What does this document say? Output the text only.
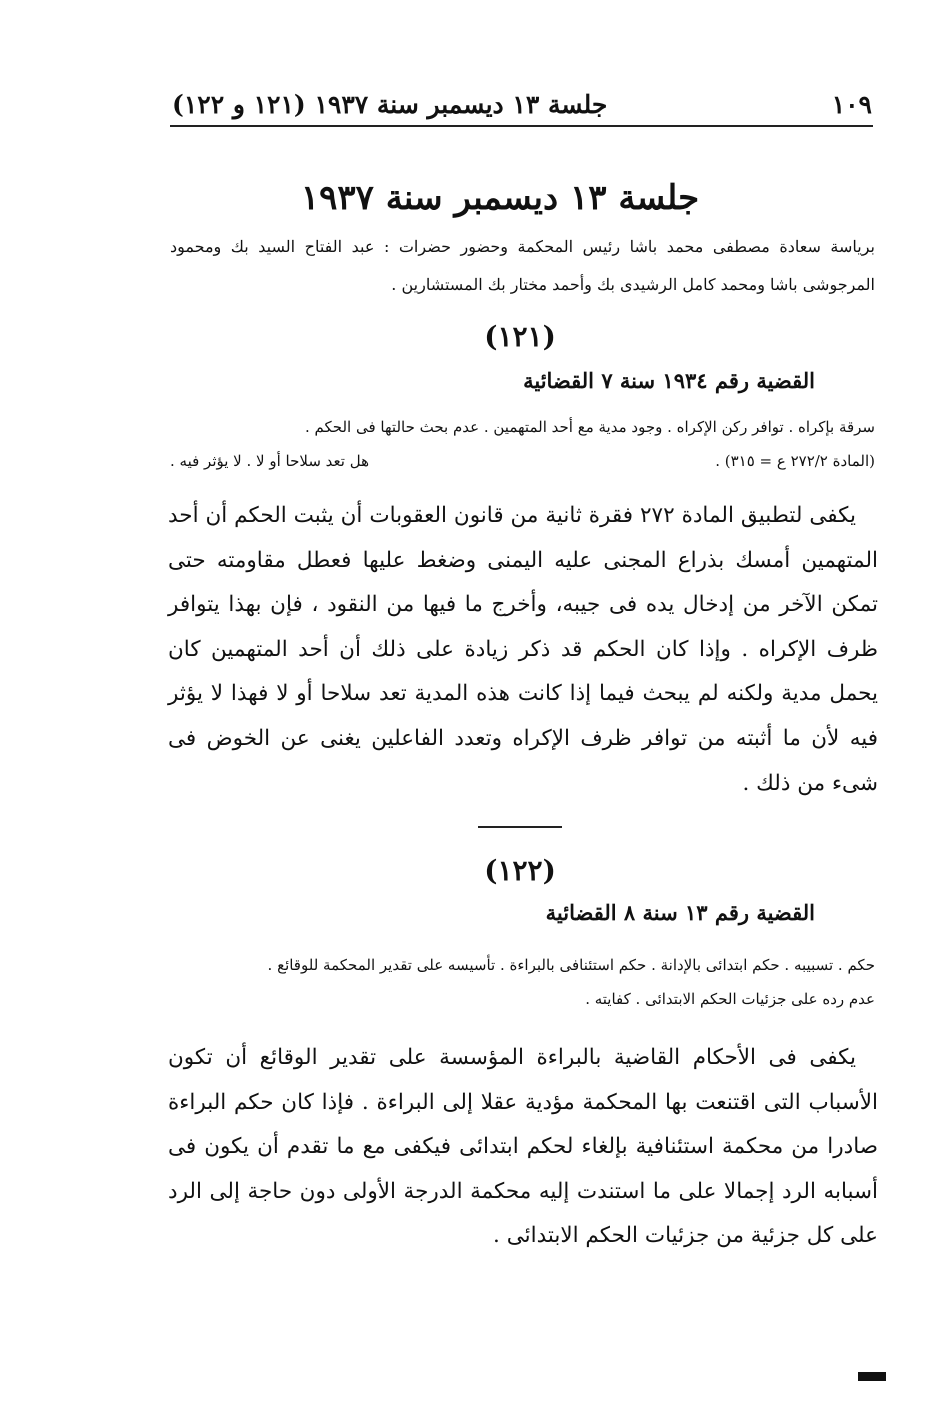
جلسة ١٣ ديسمبر سنة ١٩٣٧ (١٢١ و ١٢٢)	١٠٩
جلسة ١٣ ديسمبر سنة ١٩٣٧
برياسة سعادة مصطفى محمد باشا رئيس المحكمة وحضور حضرات : عبد الفتاح السيد بك ومحمود المرجوشى باشا ومحمد كامل الرشيدى بك وأحمد مختار بك المستشارين .
(١٢١)
القضية رقم ١٩٣٤ سنة ٧ القضائية
سرقة بإكراه . توافر ركن الإكراه . وجود مدية مع أحد المتهمين . عدم بحث حالتها فى الحكم .
هل تعد سلاحا أو لا . لا يؤثر فيه .	(المادة ٢٧٢/٢ ع = ٣١٥) .

يكفى لتطبيق المادة ٢٧٢ فقرة ثانية من قانون العقوبات أن يثبت الحكم أن أحد المتهمين أمسك بذراع المجنى عليه اليمنى وضغط عليها فعطل مقاومته حتى تمكن الآخر من إدخال يده فى جيبه، وأخرج ما فيها من النقود ، فإن بهذا يتوافر ظرف الإكراه . وإذا كان الحكم قد ذكر زيادة على ذلك أن أحد المتهمين كان يحمل مدية ولكنه لم يبحث فيما إذا كانت هذه المدية تعد سلاحا أو لا فهذا لا يؤثر فيه لأن ما أثبته من توافر ظرف الإكراه وتعدد الفاعلين يغنى عن الخوض فى شىء من ذلك .

(١٢٢)
القضية رقم ١٣ سنة ٨ القضائية
حكم . تسبيبه . حكم ابتدائى بالإدانة . حكم استئنافى بالبراءة . تأسيسه على تقدير المحكمة للوقائع .
عدم رده على جزئيات الحكم الابتدائى . كفايته .

يكفى فى الأحكام القاضية بالبراءة المؤسسة على تقدير الوقائع أن تكون الأسباب التى اقتنعت بها المحكمة مؤدية عقلا إلى البراءة . فإذا كان حكم البراءة صادرا من محكمة استئنافية بإلغاء لحكم ابتدائى فيكفى مع ما تقدم أن يكون فى أسبابه الرد إجمالا على ما استندت إليه محكمة الدرجة الأولى دون حاجة إلى الرد على كل جزئية من جزئيات الحكم الابتدائى .
